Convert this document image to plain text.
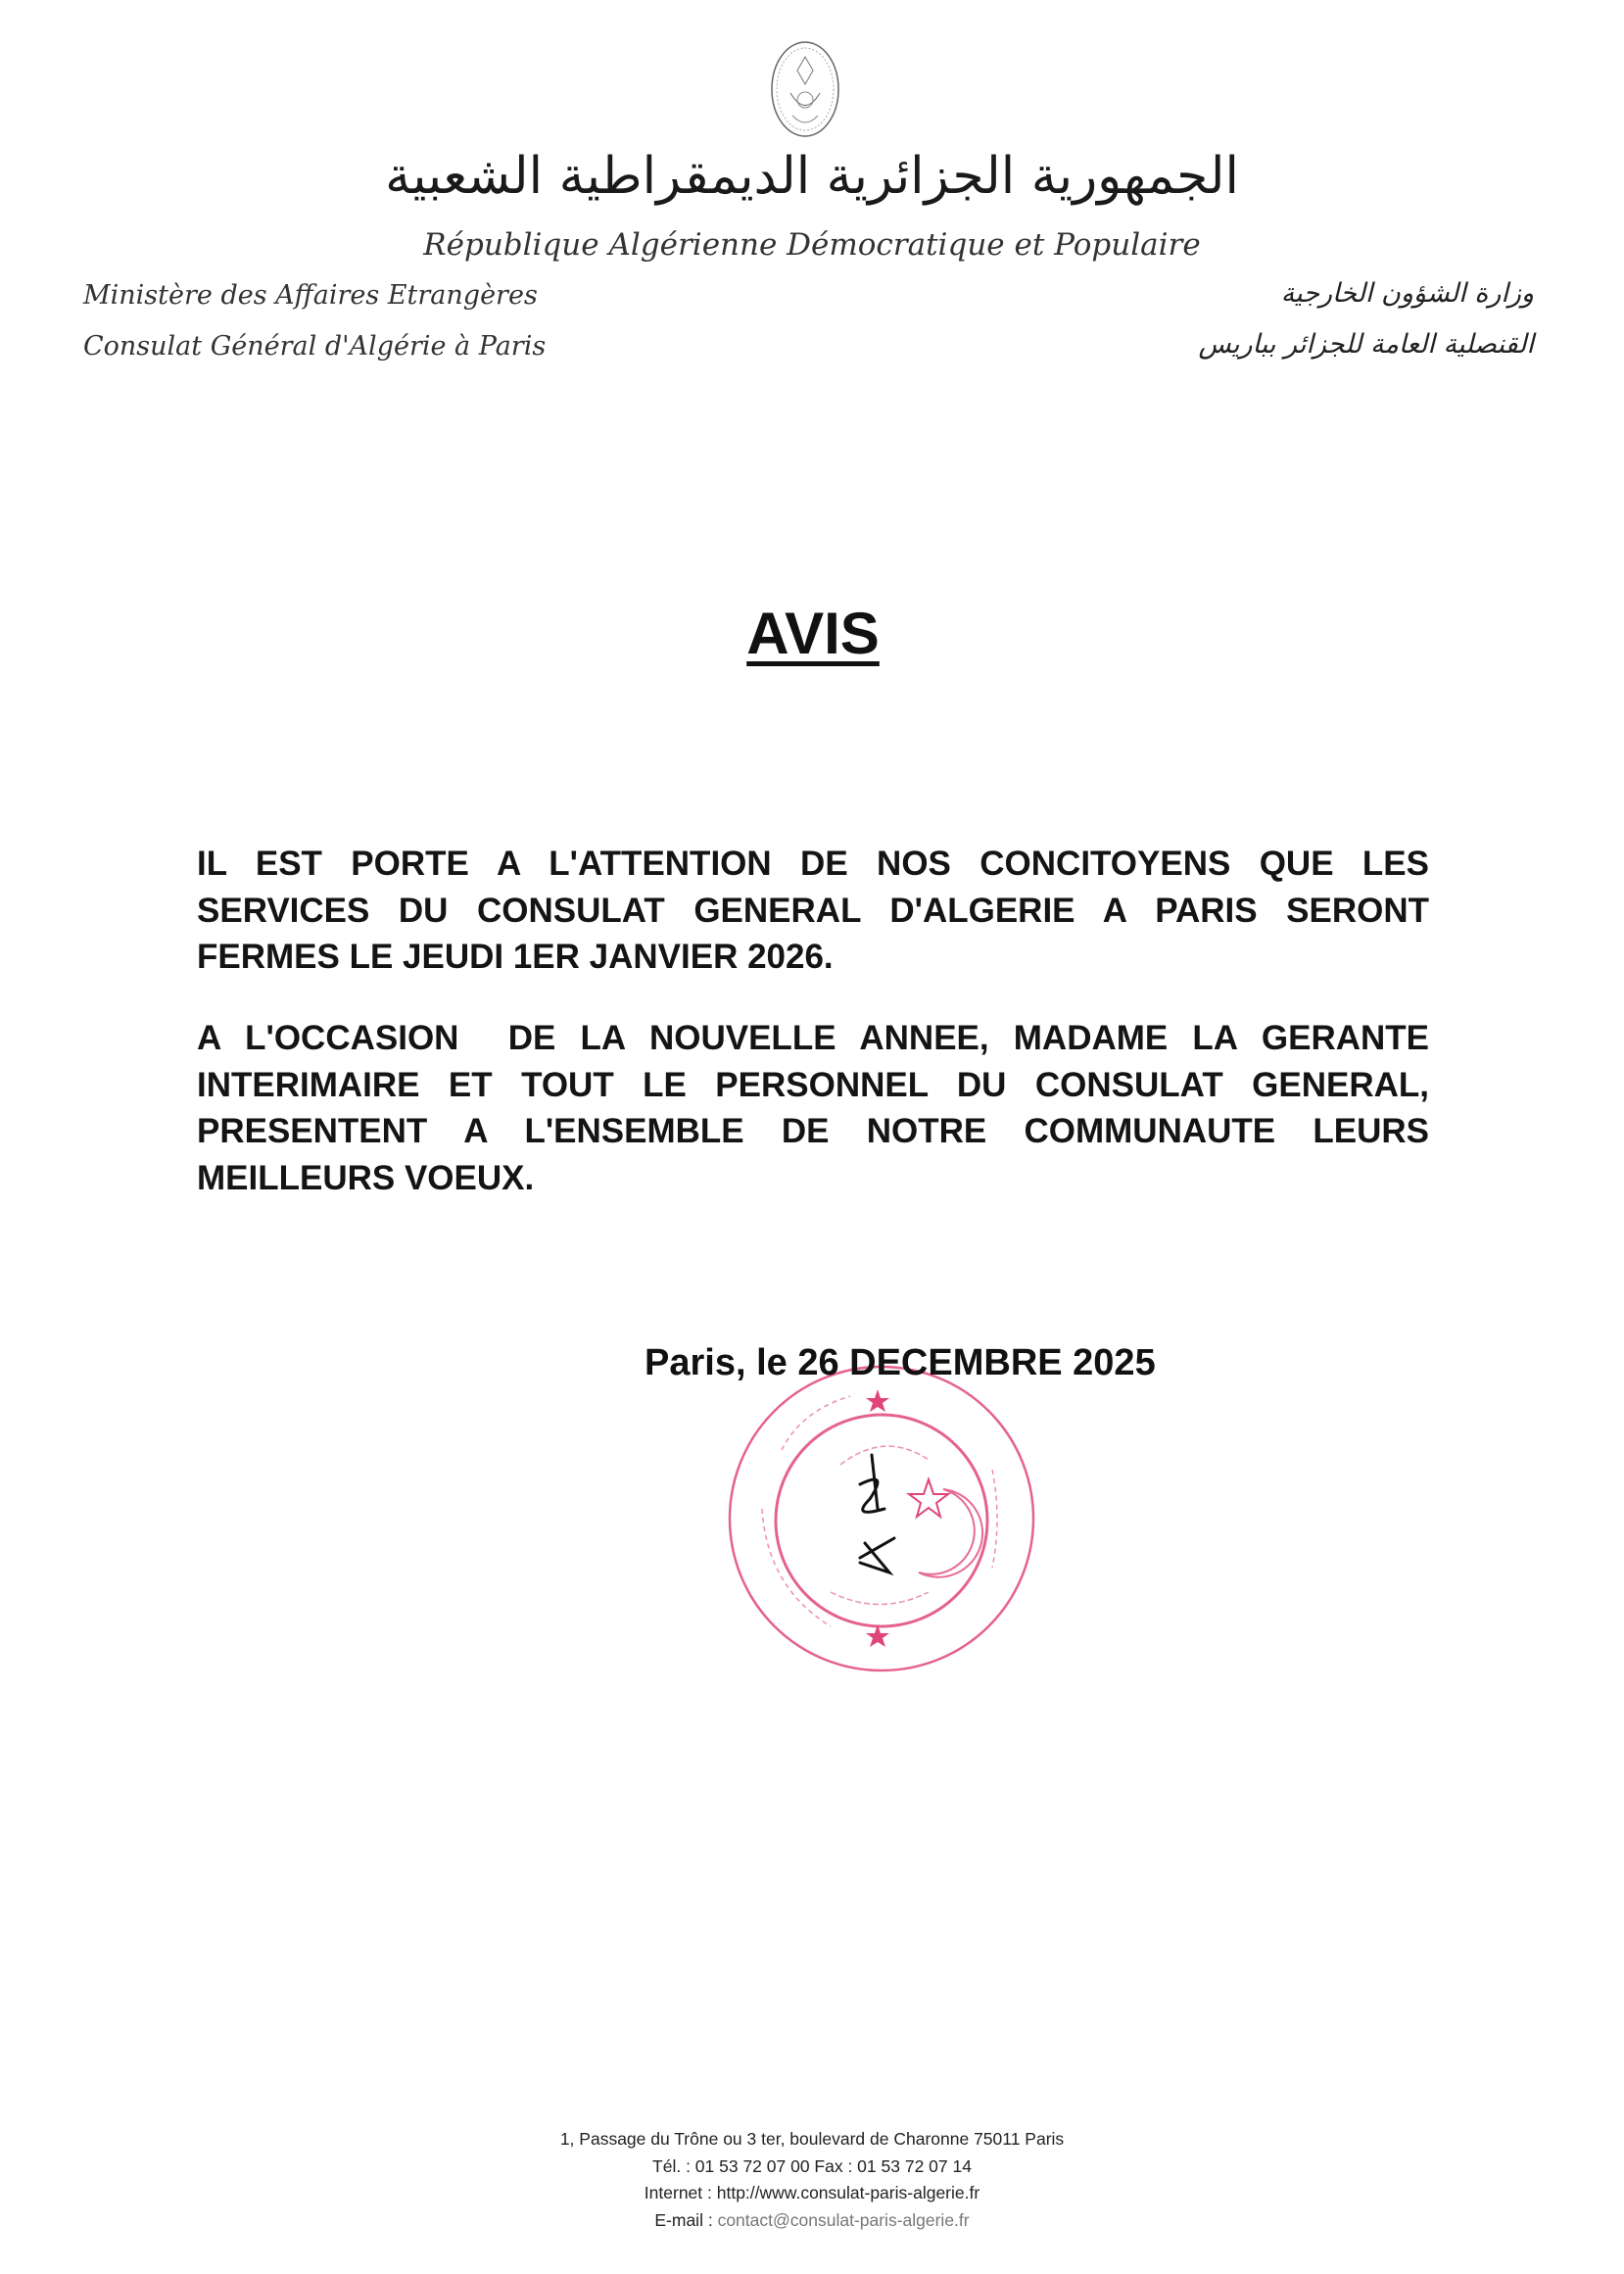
الجمهورية الجزائرية الديمقراطية الشعبية
République Algérienne Démocratique et Populaire
Ministère des Affaires Etrangères
Consulat Général d'Algérie à Paris
وزارة الشؤون الخارجية
القنصلية العامة للجزائر بباريس
AVIS
IL EST PORTE A L'ATTENTION DE NOS CONCITOYENS QUE LES
SERVICES DU CONSULAT GENERAL D'ALGERIE A PARIS SERONT
FERMES LE JEUDI 1ER JANVIER 2026.
A L'OCCASION  DE LA NOUVELLE ANNEE, MADAME LA GERANTE
INTERIMAIRE ET TOUT LE PERSONNEL DU CONSULAT GENERAL,
PRESENTENT A L'ENSEMBLE DE NOTRE COMMUNAUTE LEURS
MEILLEURS VOEUX.
Paris, le 26 DECEMBRE 2025
1, Passage du Trône ou 3 ter, boulevard de Charonne 75011 Paris
Tél. : 01 53 72 07 00 Fax : 01 53 72 07 14
Internet : http://www.consulat-paris-algerie.fr
E-mail : contact@consulat-paris-algerie.fr
